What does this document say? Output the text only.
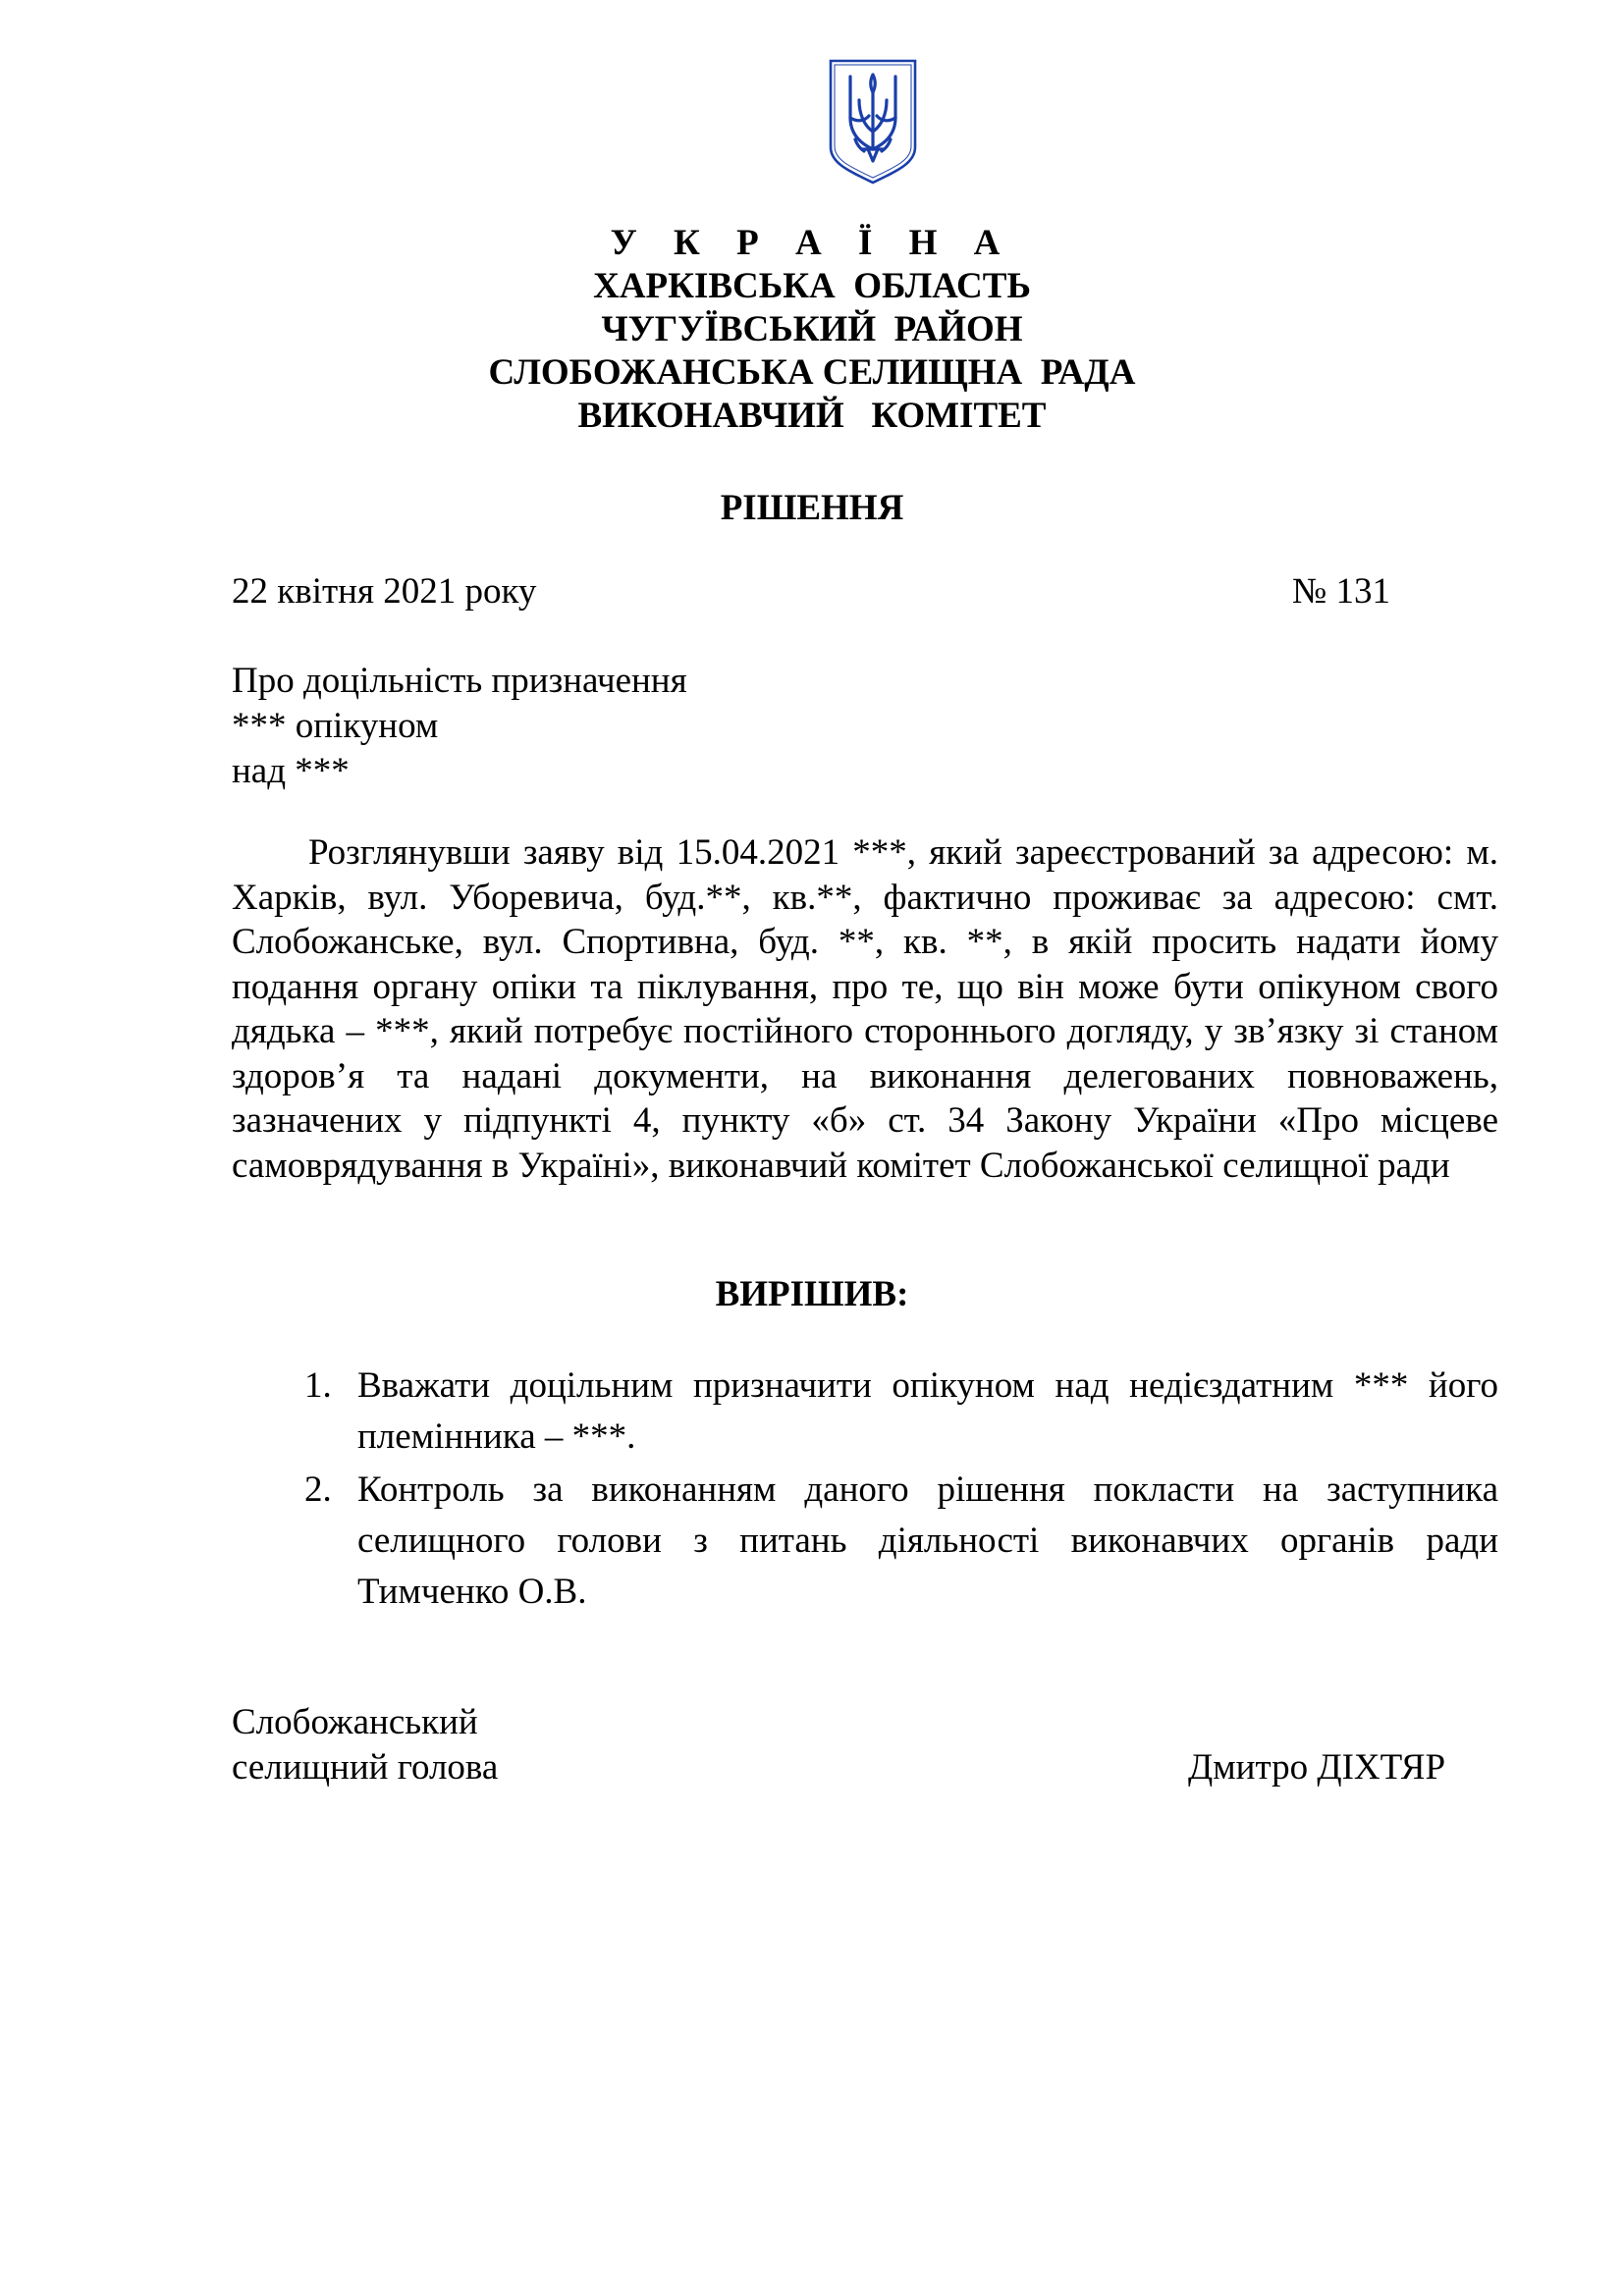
У К Р А Ї Н А
ХАРКІВСЬКА  ОБЛАСТЬ
ЧУГУЇВСЬКИЙ  РАЙОН
СЛОБОЖАНСЬКА СЕЛИЩНА  РАДА
ВИКОНАВЧИЙ   КОМІТЕТ
РІШЕННЯ
22 квітня 2021 року	№ 131
Про доцільність призначення
*** опікуном
над ***

Розглянувши заяву від 15.04.2021 ***, який зареєстрований за адресою: м. Харків, вул. Уборевича, буд.**, кв.**, фактично проживає за адресою: смт. Слобожанське, вул. Спортивна, буд. **, кв. **, в якій просить надати йому подання органу опіки та піклування, про те, що він може бути опікуном свого дядька – ***, який потребує постійного стороннього догляду, у зв’язку зі станом здоров’я та надані документи, на виконання делегованих повноважень, зазначених у підпункті 4, пункту «б» ст. 34 Закону України «Про місцеве самоврядування в Україні», виконавчий комітет Слобожанської селищної ради

ВИРІШИВ:
1. Вважати доцільним призначити опікуном над недієздатним *** його племінника – ***.
2. Контроль за виконанням даного рішення покласти на заступника селищного голови з питань діяльності виконавчих органів ради Тимченко О.В.
Слобожанський
селищний голова	Дмитро ДІХТЯР
